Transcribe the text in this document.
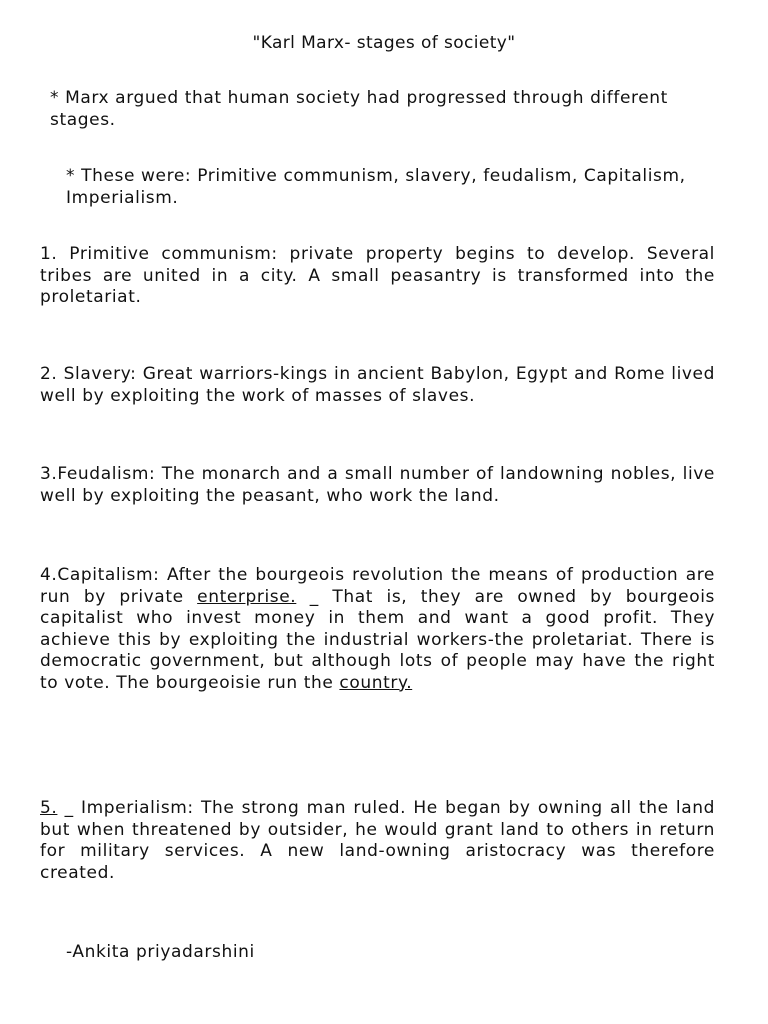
"Karl Marx- stages of society"

* Marx argued that human society had progressed through different stages.

* These were: Primitive communism, slavery, feudalism, Capitalism, Imperialism.

1. Primitive communism: private property begins to develop. Several tribes are united in a city. A small peasantry is transformed into the proletariat.

2. Slavery: Great warriors-kings in ancient Babylon, Egypt and Rome lived well by exploiting the work of masses of slaves.

3.Feudalism: The monarch and a small number of landowning nobles, live well by exploiting the peasant, who work the land.

4.Capitalism: After the bourgeois revolution the means of production are run by private enterprise. _ That is, they are owned by bourgeois capitalist who invest money in them and want a good profit. They achieve this by exploiting the industrial workers-the proletariat. There is democratic government, but although lots of people may have the right to vote. The bourgeoisie run the country.

5. _ Imperialism: The strong man ruled. He began by owning all the land but when threatened by outsider, he would grant land to others in return for military services. A new land-owning aristocracy was therefore created.

-Ankita priyadarshini
